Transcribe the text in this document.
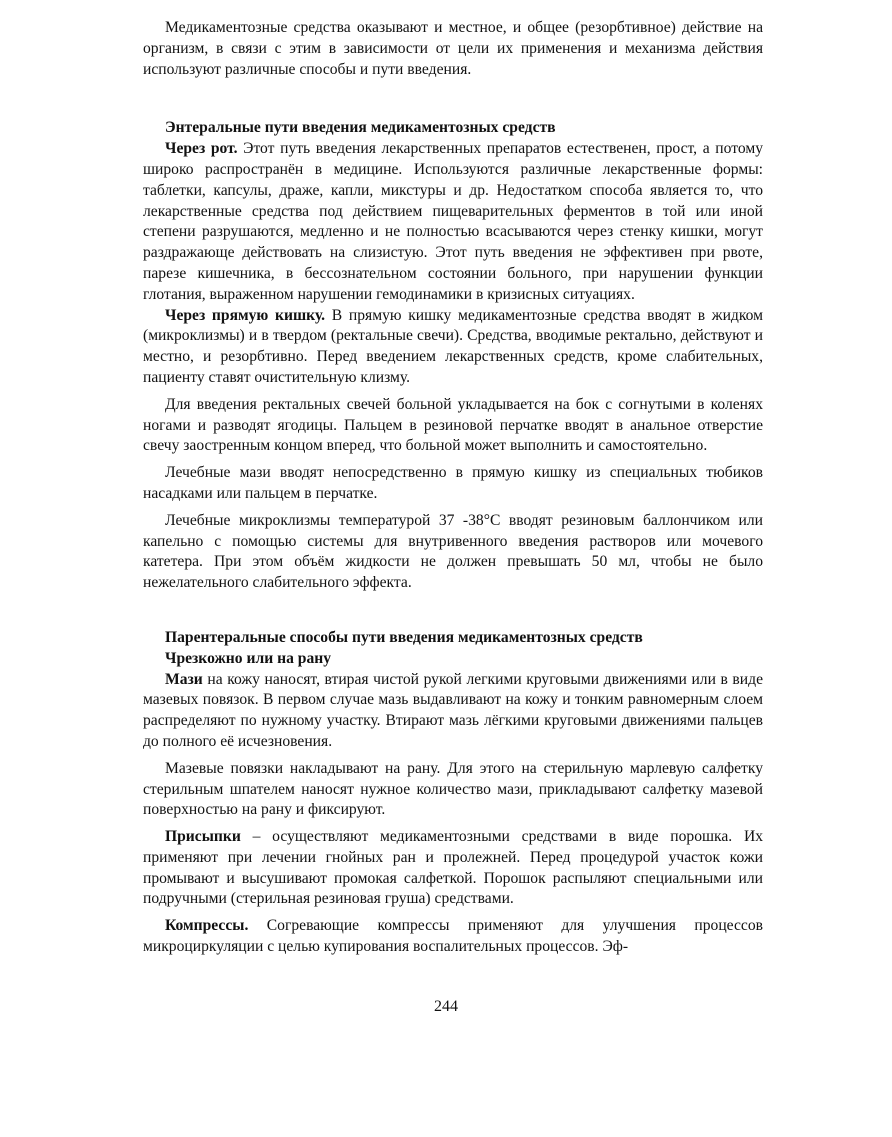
Медикаментозные средства оказывают и местное, и общее (резорбтивное) действие на организм, в связи с этим в зависимости от цели их применения и механизма действия используют различные способы и пути введения.

Энтеральные пути введения медикаментозных средств

Через рот. Этот путь введения лекарственных препаратов естественен, прост, а потому широко распространён в медицине. Используются различные лекарственные формы: таблетки, капсулы, драже, капли, микстуры и др. Недостатком способа является то, что лекарственные средства под действием пищеварительных ферментов в той или иной степени разрушаются, медленно и не полностью всасываются через стенку кишки, могут раздражающе действовать на слизистую. Этот путь введения не эффективен при рвоте, парезе кишечника, в бессознательном состоянии больного, при нарушении функции глотания, выраженном нарушении гемодинамики в кризисных ситуациях.

Через прямую кишку. В прямую кишку медикаментозные средства вводят в жидком (микроклизмы) и в твердом (ректальные свечи). Средства, вводимые ректально, действуют и местно, и резорбтивно. Перед введением лекарственных средств, кроме слабительных, пациенту ставят очистительную клизму.

Для введения ректальных свечей больной укладывается на бок с согнутыми в коленях ногами и разводят ягодицы. Пальцем в резиновой перчатке вводят в анальное отверстие свечу заостренным концом вперед, что больной может выполнить и самостоятельно.

Лечебные мази вводят непосредственно в прямую кишку из специальных тюбиков насадками или пальцем в перчатке.

Лечебные микроклизмы температурой 37 -38°С вводят резиновым баллончиком или капельно с помощью системы для внутривенного введения растворов или мочевого катетера. При этом объём жидкости не должен превышать 50 мл, чтобы не было нежелательного слабительного эффекта.

Парентеральные способы пути введения медикаментозных средств

Чрезкожно или на рану

Мази на кожу наносят, втирая чистой рукой легкими круговыми движениями или в виде мазевых повязок. В первом случае мазь выдавливают на кожу и тонким равномерным слоем распределяют по нужному участку. Втирают мазь лёгкими круговыми движениями пальцев до полного её исчезновения.

Мазевые повязки накладывают на рану. Для этого на стерильную марлевую салфетку стерильным шпателем наносят нужное количество мази, прикладывают салфетку мазевой поверхностью на рану и фиксируют.

Присыпки – осуществляют медикаментозными средствами в виде порошка. Их применяют при лечении гнойных ран и пролежней. Перед процедурой участок кожи промывают и высушивают промокая салфеткой. Порошок распыляют специальными или подручными (стерильная резиновая груша) средствами.

Компрессы. Согревающие компрессы применяют для улучшения процессов микроциркуляции с целью купирования воспалительных процессов. Эф-

244
